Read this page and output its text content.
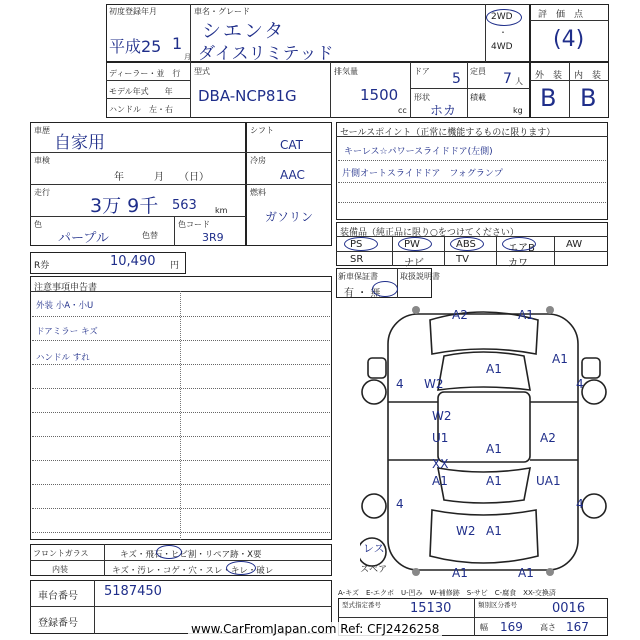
初度登録年月
平成25 1
月
車名・グレード
シエンタ
ダイスリミテッド
2WD
・
4WD
評　価　点
(4)
ディーラー・並　行
モデル年式　　年
ハンドル　左・右
型式
DBA-NCP81G
排気量
1500
cc
ドア 5
形状
ホカ
定員 7 人
積載
kg
外　装 内　装
B B
車歴
自家用
車検
年　　　月　　（日）
走行
3万 9千 563 km
色
パープル	色替
色コード
3R9
シフト
CAT
冷房
AAC
燃料
ガソリン
R券	10,490 円
セールスポイント（正常に機能するものに限ります）
キーレス☆パワースライドドア(左側)
片側オートスライドドア　フォグランプ
装備品（純正品に限り○をつけてください）
PS	PW	ABS	エアB	AW
SR	ナビ	TV	カワ
新車保証書
有 ・ 無
取扱説明書
注意事項申告書
外装 小A・小U
ドアミラー キズ
ハンドル すれ
A2	A1
A1
4 W2
A1
4
W2
U1
A1
A2
XX
A1	A1	UA1
4	4
W2 A1
A1	A1
レス
スペア
フロントガラス	キズ・飛石・ヒビ割・リペア跡・X要
内装	キズ・汚レ・コゲ・穴・スレ・キレ・破レ
A-キズ　E-エクボ　U-凹み　W-補修跡　S-サビ　C-腐食　XX-交換済
車台番号 5187450
登録番号
型式指定番号 15130	類別区分番号	0016
幅 169 高さ 167
www.CarFromJapan.com Ref: CFJ2426258
